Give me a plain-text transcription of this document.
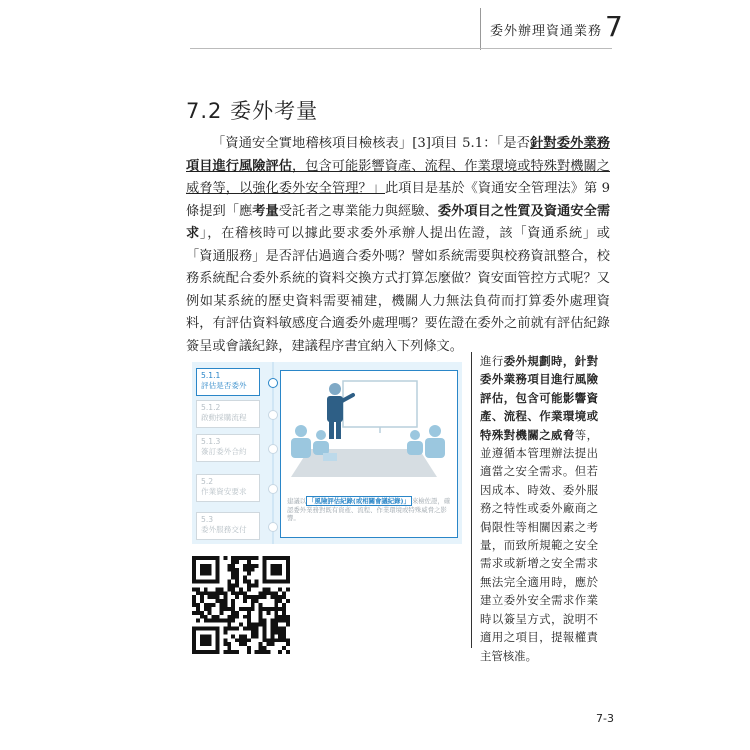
委外辦理資通業務 7
7.2 委外考量

「資通安全實地稽核項目檢核表」[3]項目 5.1：「是否針對委外業務項目進行風險評估，包含可能影響資產、流程、作業環境或特殊對機關之威脅等，以強化委外安全管理？」此項目是基於《資通安全管理法》第 9 條提到「應考量受託者之專業能力與經驗、委外項目之性質及資通安全需求」，在稽核時可以據此要求委外承辦人提出佐證，該「資通系統」或「資通服務」是否評估過適合委外嗎？譬如系統需要與校務資訊整合，校務系統配合委外系統的資料交換方式打算怎麼做？資安面管控方式呢？又例如某系統的歷史資料需要補建，機關人力無法負荷而打算委外處理資料，有評估資料敏感度合適委外處理嗎？要佐證在委外之前就有評估紀錄簽呈或會議紀錄，建議程序書宜納入下列條文。

5.1.1
評估是否委外
5.1.2
啟動採購流程
5.1.3
簽訂委外合約
5.2
作業資安要求
5.3
委外服務交付
建議以 「風險評估紀錄(或相關會議紀錄)」 來檢佐證，確認委外業務對既有資產、流程、作業環境或特殊威脅之影響。
進行委外規劃時，針對委外業務項目進行風險評估，包含可能影響資產、流程、作業環境或特殊對機關之威脅等，並遵循本管理辦法提出適當之安全需求。但若因成本、時效、委外服務之特性或委外廠商之侷限性等相關因素之考量，而致所規範之安全需求或新增之安全需求無法完全適用時，應於建立委外安全需求作業時以簽呈方式，說明不適用之項目，提報權責主管核准。
7-3
